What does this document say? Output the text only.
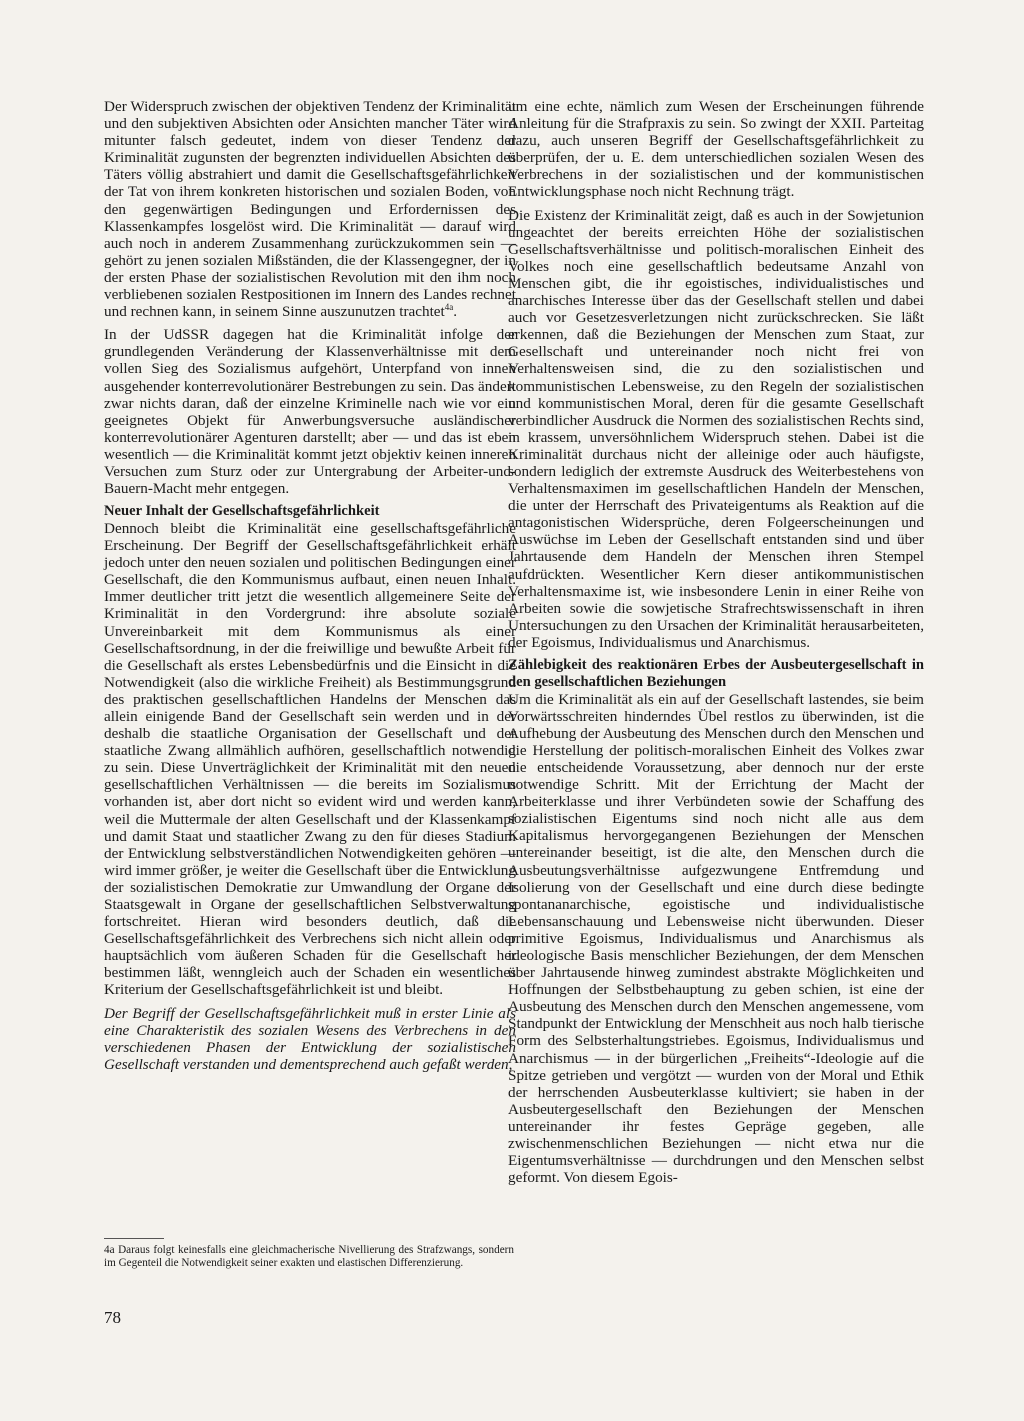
Der Widerspruch zwischen der objektiven Tendenz der Kriminalität und den subjektiven Absichten oder Ansichten mancher Täter wird mitunter falsch gedeutet, indem von dieser Tendenz der Kriminalität zugunsten der begrenzten individuellen Absichten des Täters völlig abstrahiert und damit die Gesellschaftsgefährlichkeit der Tat von ihrem konkreten historischen und sozialen Boden, von den gegenwärtigen Bedingungen und Erfordernissen des Klassenkampfes losgelöst wird. Die Kriminalität — darauf wird auch noch in anderem Zusammenhang zurückzukommen sein — gehört zu jenen sozialen Mißständen, die der Klassengegner, der in der ersten Phase der sozialistischen Revolution mit den ihm noch verbliebenen sozialen Restpositionen im Innern des Landes rechnet und rechnen kann, in seinem Sinne auszunutzen trachtet$^{4a}$.

In der UdSSR dagegen hat die Kriminalität infolge der grundlegenden Veränderung der Klassenverhältnisse mit dem vollen Sieg des Sozialismus aufgehört, Unterpfand von innen ausgehender konterrevolutionärer Bestrebungen zu sein. Das ändert zwar nichts daran, daß der einzelne Kriminelle nach wie vor ein geeignetes Objekt für Anwerbungsversuche ausländischer konterrevolutionärer Agenturen darstellt; aber — und das ist eben wesentlich — die Kriminalität kommt jetzt objektiv keinen inneren Versuchen zum Sturz oder zur Untergrabung der Arbeiter-und-Bauern-Macht mehr entgegen.

Neuer Inhalt der Gesellschaftsgefährlichkeit

Dennoch bleibt die Kriminalität eine gesellschaftsgefährliche Erscheinung. Der Begriff der Gesellschaftsgefährlichkeit erhält jedoch unter den neuen sozialen und politischen Bedingungen einer Gesellschaft, die den Kommunismus aufbaut, einen neuen Inhalt. Immer deutlicher tritt jetzt die wesentlich allgemeinere Seite der Kriminalität in den Vordergrund: ihre absolute soziale Unvereinbarkeit mit dem Kommunismus als einer Gesellschaftsordnung, in der die freiwillige und bewußte Arbeit für die Gesellschaft als erstes Lebensbedürfnis und die Einsicht in die Notwendigkeit (also die wirkliche Freiheit) als Bestimmungsgrund des praktischen gesellschaftlichen Handelns der Menschen das allein einigende Band der Gesellschaft sein werden und in der deshalb die staatliche Organisation der Gesellschaft und der staatliche Zwang allmählich aufhören, gesellschaftlich notwendig zu sein. Diese Unverträglichkeit der Kriminalität mit den neuen gesellschaftlichen Verhältnissen — die bereits im Sozialismus vorhanden ist, aber dort nicht so evident wird und werden kann, weil die Muttermale der alten Gesellschaft und der Klassenkampf und damit Staat und staatlicher Zwang zu den für dieses Stadium der Entwicklung selbstverständlichen Notwendigkeiten gehören — wird immer größer, je weiter die Gesellschaft über die Entwicklung der sozialistischen Demokratie zur Umwandlung der Organe der Staatsgewalt in Organe der gesellschaftlichen Selbstverwaltung fortschreitet. Hieran wird besonders deutlich, daß die Gesellschaftsgefährlichkeit des Verbrechens sich nicht allein oder hauptsächlich vom äußeren Schaden für die Gesellschaft her bestimmen läßt, wenngleich auch der Schaden ein wesentliches Kriterium der Gesellschaftsgefährlichkeit ist und bleibt.

Der Begriff der Gesellschaftsgefährlichkeit muß in erster Linie als eine Charakteristik des sozialen Wesens des Verbrechens in den verschiedenen Phasen der Entwicklung der sozialistischen Gesellschaft verstanden und dementsprechend auch gefaßt werden,

4a Daraus folgt keinesfalls eine gleichmacherische Nivellierung des Strafzwangs, sondern im Gegenteil die Notwendigkeit seiner exakten und elastischen Differenzierung.

um eine echte, nämlich zum Wesen der Erscheinungen führende Anleitung für die Strafpraxis zu sein. So zwingt der XXII. Parteitag dazu, auch unseren Begriff der Gesellschaftsgefährlichkeit zu überprüfen, der u. E. dem unterschiedlichen sozialen Wesen des Verbrechens in der sozialistischen und der kommunistischen Entwicklungsphase noch nicht Rechnung trägt.

Die Existenz der Kriminalität zeigt, daß es auch in der Sowjetunion ungeachtet der bereits erreichten Höhe der sozialistischen Gesellschaftsverhältnisse und politisch-moralischen Einheit des Volkes noch eine gesellschaftlich bedeutsame Anzahl von Menschen gibt, die ihr egoistisches, individualistisches und anarchisches Interesse über das der Gesellschaft stellen und dabei auch vor Gesetzesverletzungen nicht zurückschrecken. Sie läßt erkennen, daß die Beziehungen der Menschen zum Staat, zur Gesellschaft und untereinander noch nicht frei von Verhaltensweisen sind, die zu den sozialistischen und kommunistischen Lebensweise, zu den Regeln der sozialistischen und kommunistischen Moral, deren für die gesamte Gesellschaft verbindlicher Ausdruck die Normen des sozialistischen Rechts sind, in krassem, unversöhnlichem Widerspruch stehen. Dabei ist die Kriminalität durchaus nicht der alleinige oder auch häufigste, sondern lediglich der extremste Ausdruck des Weiterbestehens von Verhaltensmaximen im gesellschaftlichen Handeln der Menschen, die unter der Herrschaft des Privateigentums als Reaktion auf die antagonistischen Widersprüche, deren Folgeerscheinungen und Auswüchse im Leben der Gesellschaft entstanden sind und über Jahrtausende dem Handeln der Menschen ihren Stempel aufdrückten. Wesentlicher Kern dieser antikommunistischen Verhaltensmaxime ist, wie insbesondere Lenin in einer Reihe von Arbeiten sowie die sowjetische Strafrechtswissenschaft in ihren Untersuchungen zu den Ursachen der Kriminalität herausarbeiteten, der Egoismus, Individualismus und Anarchismus.

Zählebigkeit des reaktionären Erbes der Ausbeutergesellschaft in den gesellschaftlichen Beziehungen

Um die Kriminalität als ein auf der Gesellschaft lastendes, sie beim Vorwärtsschreiten hinderndes Übel restlos zu überwinden, ist die Aufhebung der Ausbeutung des Menschen durch den Menschen und die Herstellung der politisch-moralischen Einheit des Volkes zwar die entscheidende Voraussetzung, aber dennoch nur der erste notwendige Schritt. Mit der Errichtung der Macht der Arbeiterklasse und ihrer Verbündeten sowie der Schaffung des sozialistischen Eigentums sind noch nicht alle aus dem Kapitalismus hervorgegangenen Beziehungen der Menschen untereinander beseitigt, ist die alte, den Menschen durch die Ausbeutungsverhältnisse aufgezwungene Entfremdung und Isolierung von der Gesellschaft und eine durch diese bedingte spontananarchische, egoistische und individualistische Lebensanschauung und Lebensweise nicht überwunden. Dieser primitive Egoismus, Individualismus und Anarchismus als ideologische Basis menschlicher Beziehungen, der dem Menschen über Jahrtausende hinweg zumindest abstrakte Möglichkeiten und Hoffnungen der Selbstbehauptung zu geben schien, ist eine der Ausbeutung des Menschen durch den Menschen angemessene, vom Standpunkt der Entwicklung der Menschheit aus noch halb tierische Form des Selbsterhaltungstriebes. Egoismus, Individualismus und Anarchismus — in der bürgerlichen „Freiheits“-Ideologie auf die Spitze getrieben und vergötzt — wurden von der Moral und Ethik der herrschenden Ausbeuterklasse kultiviert; sie haben in der Ausbeutergesellschaft den Beziehungen der Menschen untereinander ihr festes Gepräge gegeben, alle zwischenmenschlichen Beziehungen — nicht etwa nur die Eigentumsverhältnisse — durchdrungen und den Menschen selbst geformt. Von diesem Egois-

78
